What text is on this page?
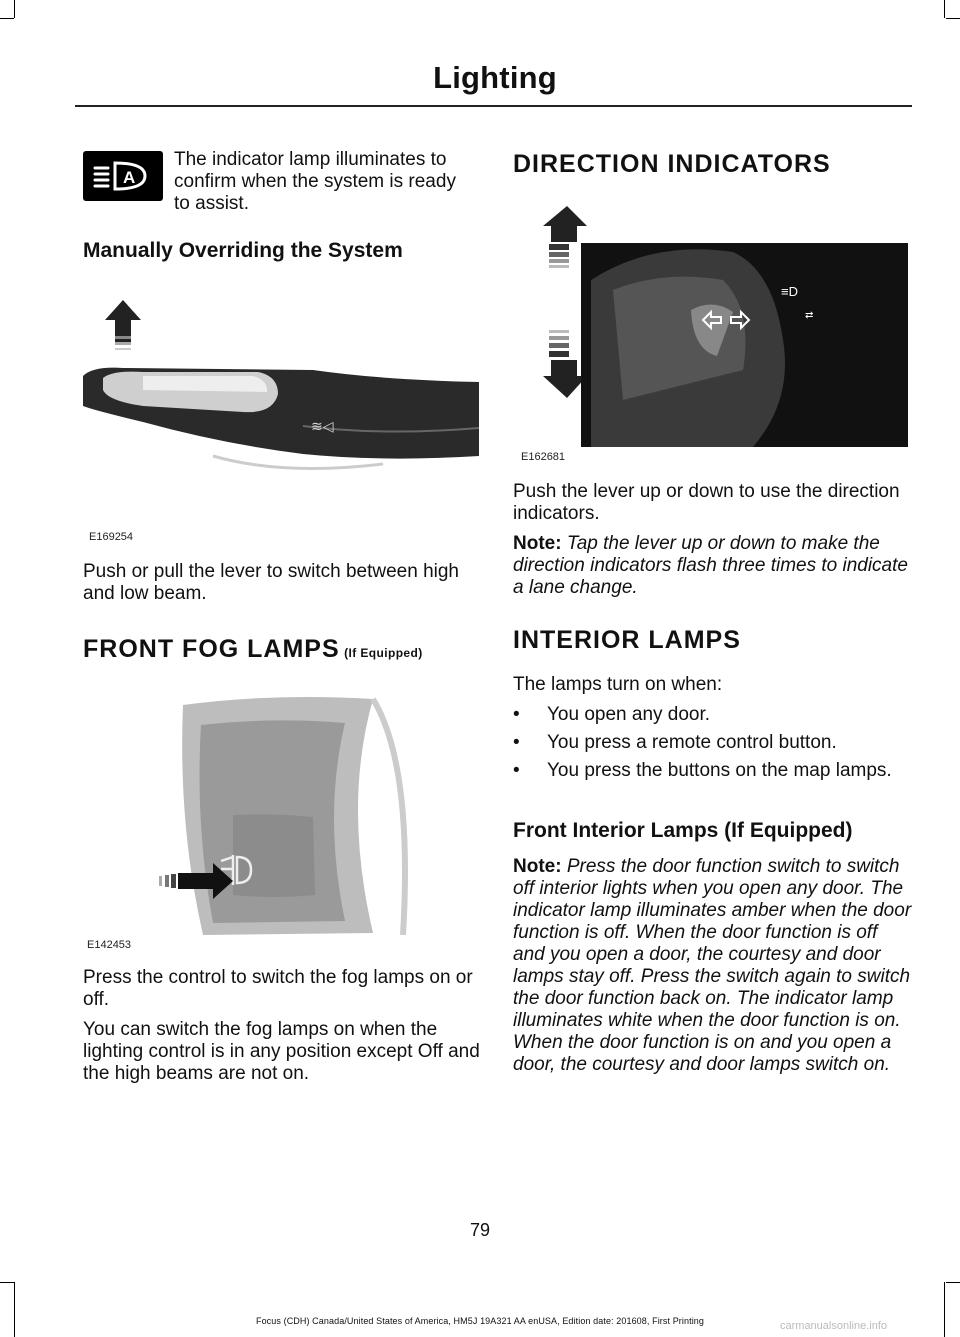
Lighting
A
The indicator lamp illuminates to confirm when the system is ready to assist.
Manually Overriding the System
≋◁
E169254
Push or pull the lever to switch between high and low beam.
FRONT FOG LAMPS (If Equipped)
E142453
Press the control to switch the fog lamps on or off.
You can switch the fog lamps on when the lighting control is in any position except Off and the high beams are not on.
DIRECTION INDICATORS
≡D
⇄
E162681
Push the lever up or down to use the direction indicators.
Note: Tap the lever up or down to make the direction indicators flash three times to indicate a lane change.
INTERIOR LAMPS
The lamps turn on when:
• You open any door.
• You press a remote control button.
• You press the buttons on the map lamps.
Front Interior Lamps (If Equipped)
Note: Press the door function switch to switch off interior lights when you open any door. The indicator lamp illuminates amber when the door function is off. When the door function is off and you open a door, the courtesy and door lamps stay off. Press the switch again to switch the door function back on. The indicator lamp illuminates white when the door function is on. When the door function is on and you open a door, the courtesy and door lamps switch on.
79
Focus (CDH) Canada/United States of America, HM5J 19A321 AA enUSA, Edition date: 201608, First Printing	carmanualsonline.info
